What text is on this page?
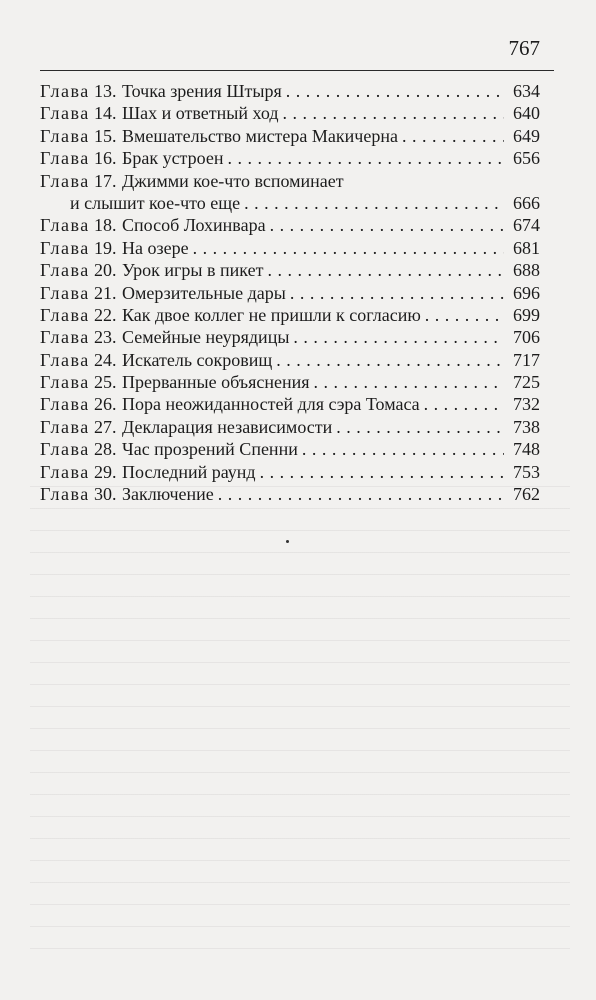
767
Глава 13. Точка зрения Штыря . . .	634
Глава 14. Шах и ответный ход . . .	640
Глава 15. Вмешательство мистера Макичерна . . .	649
Глава 16. Брак устроен . . .	656
Глава 17. Джимми кое-что вспоминает
и слышит кое-что еще . . .	666
Глава 18. Способ Лохинвара . . .	674
Глава 19. На озере . . .	681
Глава 20. Урок игры в пикет . . .	688
Глава 21. Омерзительные дары . . .	696
Глава 22. Как двое коллег не пришли к согласию . . .	699
Глава 23. Семейные неурядицы . . .	706
Глава 24. Искатель сокровищ . . .	717
Глава 25. Прерванные объяснения . . .	725
Глава 26. Пора неожиданностей для сэра Томаса . . .	732
Глава 27. Декларация независимости . . .	738
Глава 28. Час прозрений Спенни . . .	748
Глава 29. Последний раунд . . .	753
Глава 30. Заключение . . .	762
